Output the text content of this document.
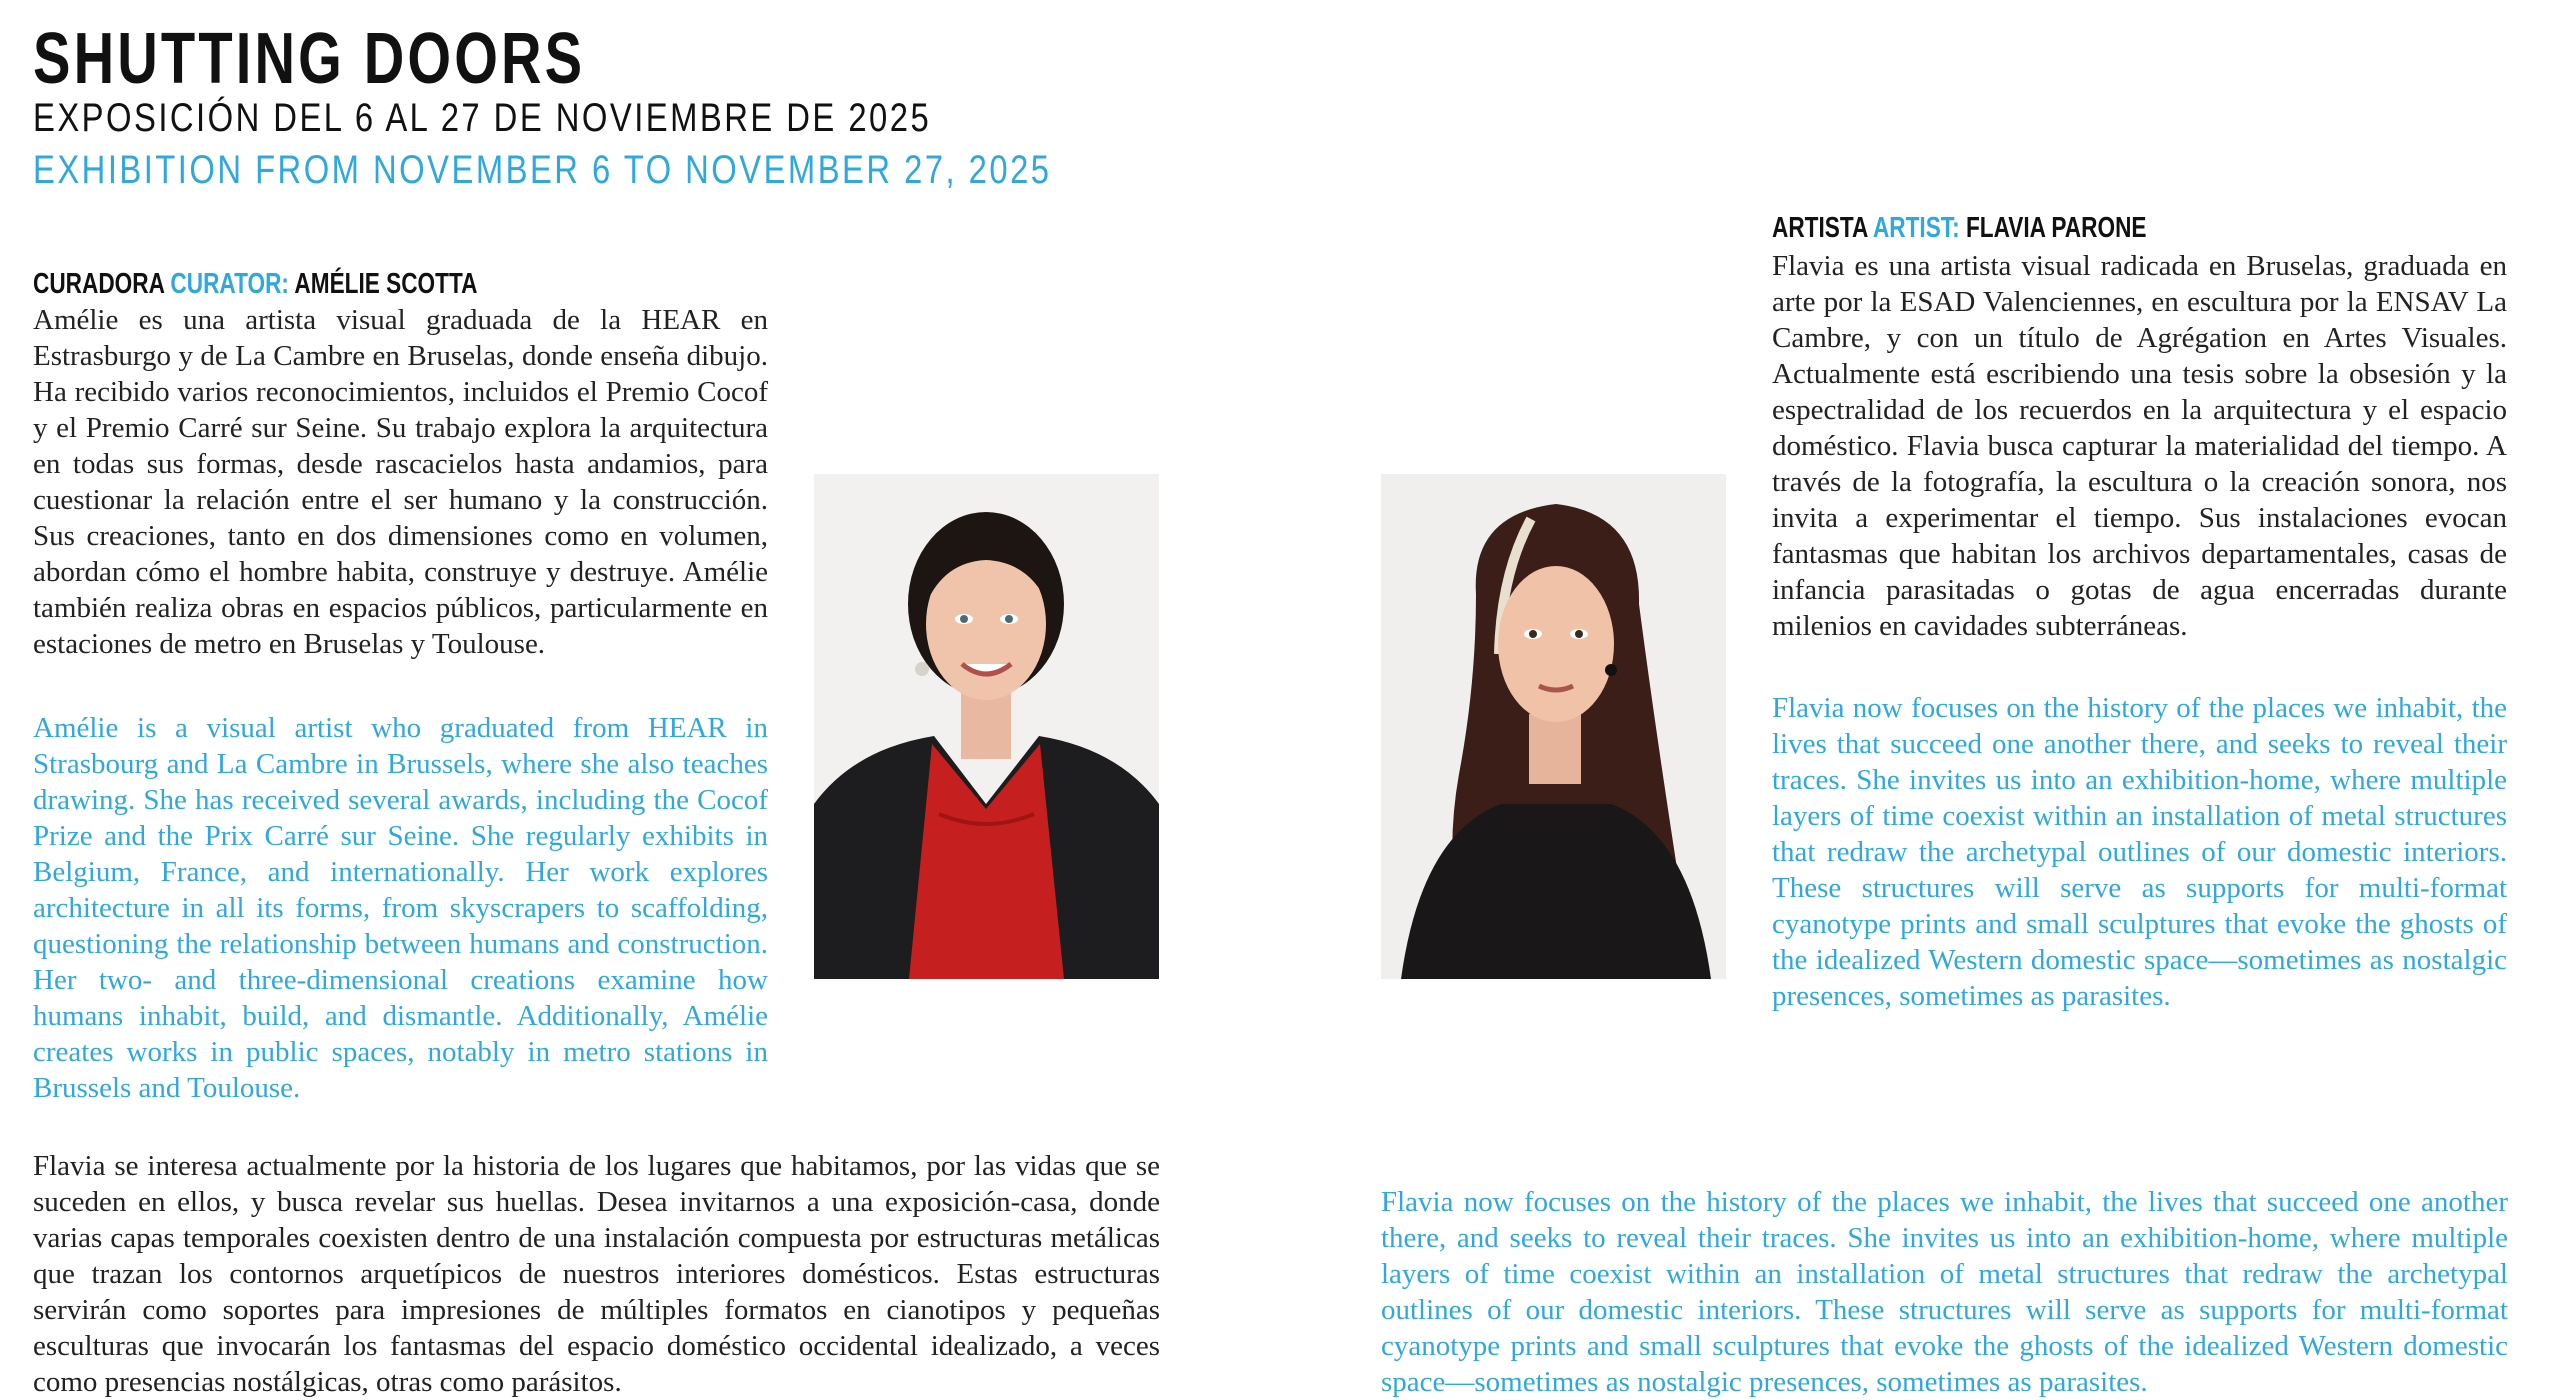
SHUTTING DOORS
EXPOSICIÓN DEL 6 AL 27 DE NOVIEMBRE DE 2025
EXHIBITION FROM NOVEMBER 6 TO NOVEMBER 27, 2025
CURADORA CURATOR: AMÉLIE SCOTTA

Amélie es una artista visual graduada de la HEAR en Estrasburgo y de La Cambre en Bruselas, donde enseña dibujo. Ha recibido varios reconocimientos, incluidos el Premio Cocof y el Premio Carré sur Seine. Su trabajo explora la arquitectura en todas sus formas, desde rascacielos hasta andamios, para cuestionar la relación entre el ser humano y la construcción. Sus creaciones, tanto en dos dimensiones como en volumen, abordan cómo el hombre habita, construye y destruye. Amélie también realiza obras en espacios públicos, particularmente en estaciones de metro en Bruselas y Toulouse.

Amélie is a visual artist who graduated from HEAR in Strasbourg and La Cambre in Brussels, where she also teaches drawing. She has received several awards, including the Cocof Prize and the Prix Carré sur Seine. She regularly exhibits in Belgium, France, and internationally. Her work explores architecture in all its forms, from skyscrapers to scaffolding, questioning the relationship between humans and construction. Her two- and three-dimensional creations examine how humans inhabit, build, and dismantle. Additionally, Amélie creates works in public spaces, notably in metro stations in Brussels and Toulouse.

ARTISTA ARTIST: FLAVIA PARONE

Flavia es una artista visual radicada en Bruselas, graduada en arte por la ESAD Valenciennes, en escultura por la ENSAV La Cambre, y con un título de Agrégation en Artes Visuales. Actualmente está escribiendo una tesis sobre la obsesión y la espectralidad de los recuerdos en la arquitectura y el espacio doméstico. Flavia busca capturar la materialidad del tiempo. A través de la fotografía, la escultura o la creación sonora, nos invita a experimentar el tiempo. Sus instalaciones evocan fantasmas que habitan los archivos departamentales, casas de infancia parasitadas o gotas de agua encerradas durante milenios en cavidades subterráneas.

Flavia now focuses on the history of the places we inhabit, the lives that succeed one another there, and seeks to reveal their traces. She invites us into an exhibition-home, where multiple layers of time coexist within an installation of metal structures that redraw the archetypal outlines of our domestic interiors. These structures will serve as supports for multi-format cyanotype prints and small sculptures that evoke the ghosts of the idealized Western domestic space—sometimes as nostalgic presences, sometimes as parasites.

Flavia se interesa actualmente por la historia de los lugares que habitamos, por las vidas que se suceden en ellos, y busca revelar sus huellas. Desea invitarnos a una exposición-casa, donde varias capas temporales coexisten dentro de una instalación compuesta por estructuras metálicas que trazan los contornos arquetípicos de nuestros interiores domésticos. Estas estructuras servirán como soportes para impresiones de múltiples formatos en cianotipos y pequeñas esculturas que invocarán los fantasmas del espacio doméstico occidental idealizado, a veces como presencias nostálgicas, otras como parásitos.

Flavia now focuses on the history of the places we inhabit, the lives that succeed one another there, and seeks to reveal their traces. She invites us into an exhibition-home, where multiple layers of time coexist within an installation of metal structures that redraw the archetypal outlines of our domestic interiors. These structures will serve as supports for multi-format cyanotype prints and small sculptures that evoke the ghosts of the idealized Western domestic space—sometimes as nostalgic presences, sometimes as parasites.
